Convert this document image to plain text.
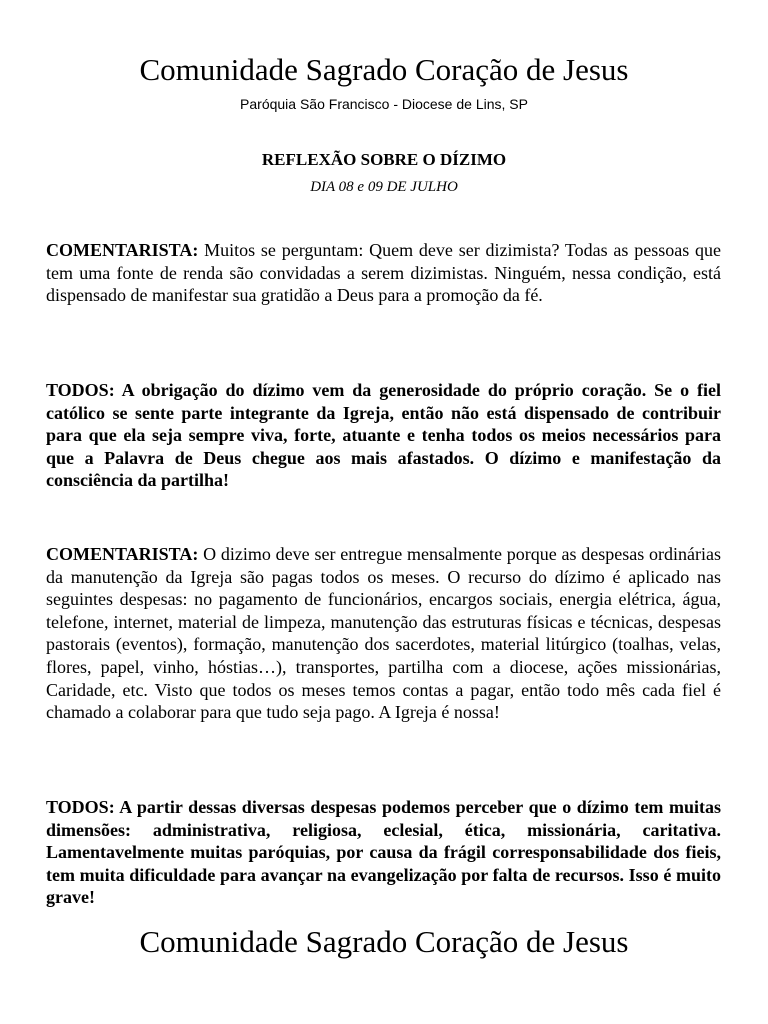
Comunidade Sagrado Coração de Jesus
Paróquia São Francisco - Diocese de Lins, SP
REFLEXÃO SOBRE O DÍZIMO
DIA 08 e 09 DE JULHO

COMENTARISTA: Muitos se perguntam: Quem deve ser dizimista? Todas as pessoas que tem uma fonte de renda são convidadas a serem dizimistas. Ninguém, nessa condição, está dispensado de manifestar sua gratidão a Deus para a promoção da fé.

TODOS: A obrigação do dízimo vem da generosidade do próprio coração. Se o fiel católico se sente parte integrante da Igreja, então não está dispensado de contribuir para que ela seja sempre viva, forte, atuante e tenha todos os meios necessários para que a Palavra de Deus chegue aos mais afastados. O dízimo e manifestação da consciência da partilha!

COMENTARISTA: O dizimo deve ser entregue mensalmente porque as despesas ordinárias da manutenção da Igreja são pagas todos os meses. O recurso do dízimo é aplicado nas seguintes despesas: no pagamento de funcionários, encargos sociais, energia elétrica, água, telefone, internet, material de limpeza, manutenção das estruturas físicas e técnicas, despesas pastorais (eventos), formação, manutenção dos sacerdotes, material litúrgico (toalhas, velas, flores, papel, vinho, hóstias…), transportes, partilha com a diocese, ações missionárias, Caridade, etc. Visto que todos os meses temos contas a pagar, então todo mês cada fiel é chamado a colaborar para que tudo seja pago. A Igreja é nossa!

TODOS: A partir dessas diversas despesas podemos perceber que o dízimo tem muitas dimensões: administrativa, religiosa, eclesial, ética, missionária, caritativa. Lamentavelmente muitas paróquias, por causa da frágil corresponsabilidade dos fieis, tem muita dificuldade para avançar na evangelização por falta de recursos. Isso é muito grave!

Comunidade Sagrado Coração de Jesus
